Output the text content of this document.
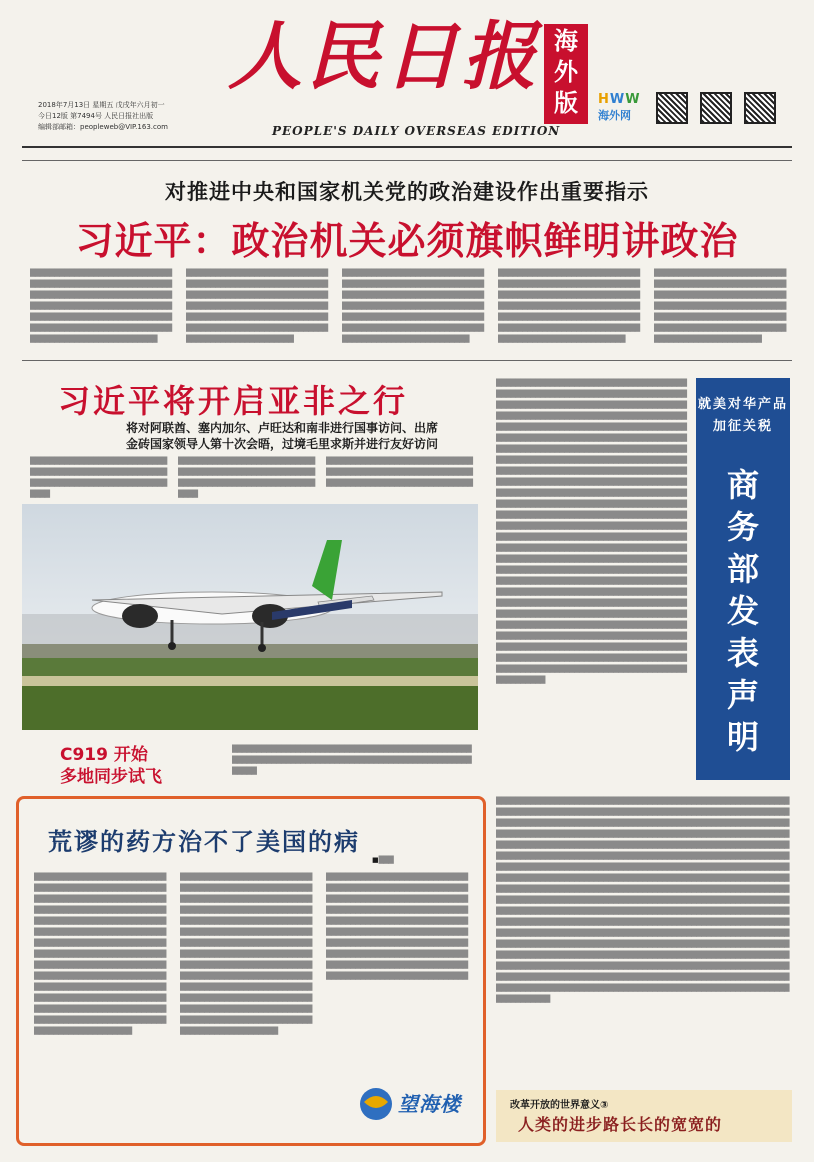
2018年7月13日 星期五 戊戌年六月初一
今日12版 第7494号 人民日报社出版
编辑部邮箱：peopleweb@VIP.163.com
人民日报 海外版
PEOPLE'S DAILY OVERSEAS EDITION
HWW
海外网
对推进中央和国家机关党的政治建设作出重要指示
习近平：政治机关必须旗帜鲜明讲政治
████████████████████████████████████████████████████████████████████████████████████████████████████████████████████████████████████████████████████████████████████████████████████████████████████████
████████████████████████████████████████████████████████████████████████████████████████████████████████████████████████████████████████████████████████████████████████████████████████████████████
████████████████████████████████████████████████████████████████████████████████████████████████████████████████████████████████████████████████████████████████████████████████████████████████████████
████████████████████████████████████████████████████████████████████████████████████████████████████████████████████████████████████████████████████████████████████████████████████████████████████████
████████████████████████████████████████████████████████████████████████████████████████████████████████████████████████████████████████████████████████████████████████████████████████
习近平将开启亚非之行
将对阿联酋、塞内加尔、卢旺达和南非进行国事访问、出席
金砖国家领导人第十次会晤，过境毛里求斯并进行友好访问
████████████████████████████████████████████████████████████████████████████████████████
████████████████████████████████████████████████████████████████████████████████████████
██████████████████████████████████████████████████████████████████████████████████████████
███████████████████████████████████████████████████████████████████████████████████████████████████████████████████████████████████████████████████████████████████████████████████████████████████████████████████████████████████████████████████████████████████████████████████████████████████████████████████████████████████████████████████████████████████████████████████████████████████████████████████████████████████████████████████████████████████████████████████████████████████████████████████████████████████████████████████████████████████████████████████████████████████████████████████████████████████████████████████████████████████████████████████████████████████████████████████████████████████████████████████████████████████████████████████████████████████████████████████████████████████████████████████████████████████████████████████████████████████████████████████████████████████████████████████████████████████████████████████████████████████████████████████████████████████████████████████████████████████████████████████████████████████████
███████████████████████████████████████████████████████████████████████████████████████████████████████████████████████████████████████████████████████████████████████████████████████████████████████████████████████████████████████████████████████████████████████████████████████████████████████████████████████████████████████████████████████████████████████████████████████████████████████████████████████████████████████████████████████████████████████████████████████████████████████████████████████████████████████████████████████████████████████████████████████████████████████████████████████████████████████████████████████████████████████████████████████████████████████████████████████████████████████████████████████████████████████████████████████████████████████████████████████████████████████████████████████████████████████████████████████████████████████████████████████████████████████████████████████████████████████████████████████████████████████████████████████████████████████████████████████████████████████████████████████████████████████████████████████████████████
就美对华产品
加征关税
商务部发表声明
C919 开始
多地同步试飞
███████████████████████████████████████████████████████████████████████████████████████████████████████
荒谬的药方治不了美国的病
■███
██████████████████████████████████████████████████████████████████████████████████████████████████████████████████████████████████████████████████████████████████████████████████████████████████████████████████████████████████████████████████████████████████████████████████████████████████████████████████████████████████████████████████████████████████████████████████████████████████████████████
██████████████████████████████████████████████████████████████████████████████████████████████████████████████████████████████████████████████████████████████████████████████████████████████████████████████████████████████████████████████████████████████████████████████████████████████████████████████████████████████████████████████████████████████████████████████████████████████████████████████
██████████████████████████████████████████████████████████████████████████████████████████████████████████████████████████████████████████████████████████████████████████████████████████████████████████████████████████████████████████████████████████████████████████████████████████████████
望海楼	改革开放的世界意义③
人类的进步路长长的宽宽的
